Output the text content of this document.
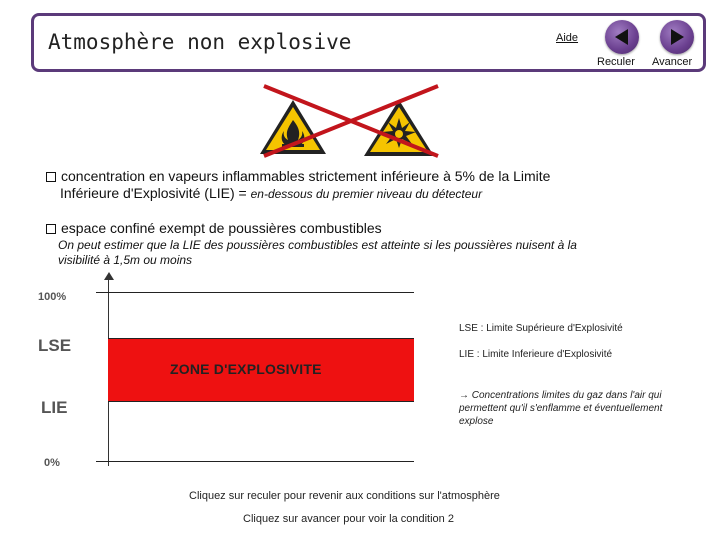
Atmosphère non explosive	Aide
Reculer Avancer
concentration en vapeurs inflammables strictement inférieure à 5% de la Limite
Inférieure d'Explosivité (LIE) = en-dessous du premier niveau du détecteur
espace confiné exempt de poussières combustibles
On peut estimer que la LIE des poussières combustibles est atteinte si les poussières nuisent à la
visibilité à 1,5m ou moins
100%
LSE
LIE
0%
ZONE D'EXPLOSIVITE
LSE : Limite Supérieure d'Explosivité
LIE : Limite Inferieure d'Explosivité
→ Concentrations limites du gaz dans l'air qui
permettent qu'il s'enflamme et éventuellement
explose
Cliquez sur reculer pour revenir aux conditions sur l'atmosphère
Cliquez sur avancer pour voir la condition 2
